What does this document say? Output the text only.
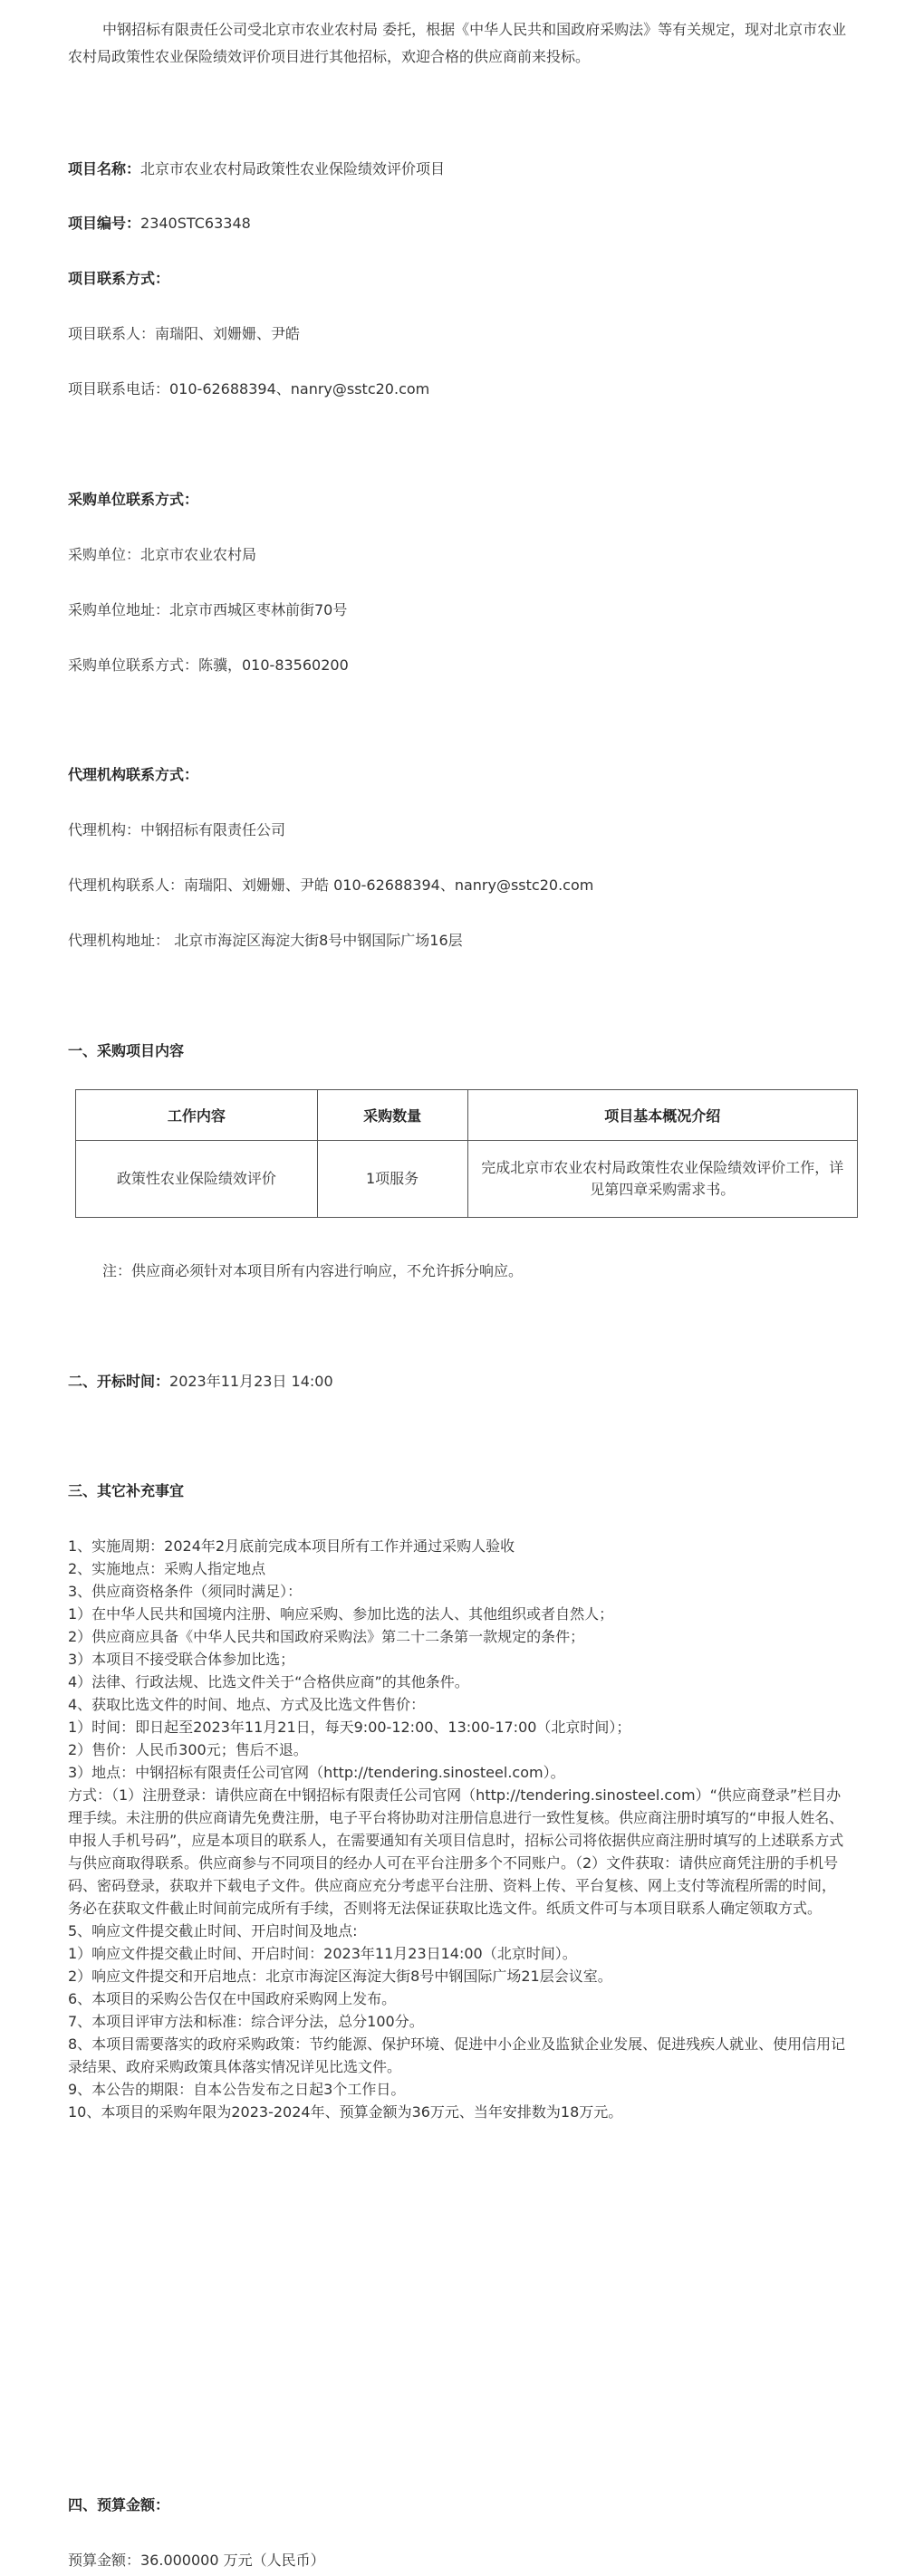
中钢招标有限责任公司受北京市农业农村局 委托，根据《中华人民共和国政府采购法》等有关规定，现对北京市农业农村局政策性农业保险绩效评价项目进行其他招标，欢迎合格的供应商前来投标。
项目名称：北京市农业农村局政策性农业保险绩效评价项目
项目编号：2340STC63348
项目联系方式：
项目联系人：南瑞阳、刘姗姗、尹皓
项目联系电话：010-62688394、nanry@sstc20.com
采购单位联系方式：
采购单位：北京市农业农村局
采购单位地址：北京市西城区枣林前街70号
采购单位联系方式：陈骥，010-83560200
代理机构联系方式：
代理机构：中钢招标有限责任公司
代理机构联系人：南瑞阳、刘姗姗、尹皓 010-62688394、nanry@sstc20.com
代理机构地址： 北京市海淀区海淀大街8号中钢国际广场16层
一、采购项目内容
工作内容	采购数量	项目基本概况介绍
政策性农业保险绩效评价	1项服务	完成北京市农业农村局政策性农业保险绩效评价工作，详见第四章采购需求书。
注：供应商必须针对本项目所有内容进行响应，不允许拆分响应。
二、开标时间：2023年11月23日 14:00
三、其它补充事宜
1、实施周期：2024年2月底前完成本项目所有工作并通过采购人验收
2、实施地点：采购人指定地点
3、供应商资格条件（须同时满足）：
1）在中华人民共和国境内注册、响应采购、参加比选的法人、其他组织或者自然人；
2）供应商应具备《中华人民共和国政府采购法》第二十二条第一款规定的条件；
3）本项目不接受联合体参加比选；
4）法律、行政法规、比选文件关于“合格供应商”的其他条件。
4、获取比选文件的时间、地点、方式及比选文件售价：
1）时间：即日起至2023年11月21日，每天9:00-12:00、13:00-17:00（北京时间）；
2）售价：人民币300元；售后不退。
3）地点：中钢招标有限责任公司官网（http://tendering.sinosteel.com）。
方式：（1）注册登录：请供应商在中钢招标有限责任公司官网（http://tendering.sinosteel.com）“供应商登录”栏目办理手续。未注册的供应商请先免费注册，电子平台将协助对注册信息进行一致性复核。供应商注册时填写的“申报人姓名、申报人手机号码”，应是本项目的联系人，在需要通知有关项目信息时，招标公司将依据供应商注册时填写的上述联系方式与供应商取得联系。供应商参与不同项目的经办人可在平台注册多个不同账户。（2）文件获取：请供应商凭注册的手机号码、密码登录，获取并下载电子文件。供应商应充分考虑平台注册、资料上传、平台复核、网上支付等流程所需的时间，务必在获取文件截止时间前完成所有手续，否则将无法保证获取比选文件。纸质文件可与本项目联系人确定领取方式。
5、响应文件提交截止时间、开启时间及地点:
1）响应文件提交截止时间、开启时间：2023年11月23日14:00（北京时间）。
2）响应文件提交和开启地点：北京市海淀区海淀大街8号中钢国际广场21层会议室。
6、本项目的采购公告仅在中国政府采购网上发布。
7、本项目评审方法和标准：综合评分法，总分100分。
8、本项目需要落实的政府采购政策：节约能源、保护环境、促进中小企业及监狱企业发展、促进残疾人就业、使用信用记录结果、政府采购政策具体落实情况详见比选文件。
9、本公告的期限：自本公告发布之日起3个工作日。
10、本项目的采购年限为2023-2024年、预算金额为36万元、当年安排数为18万元。
四、预算金额：
预算金额：36.000000 万元（人民币）
